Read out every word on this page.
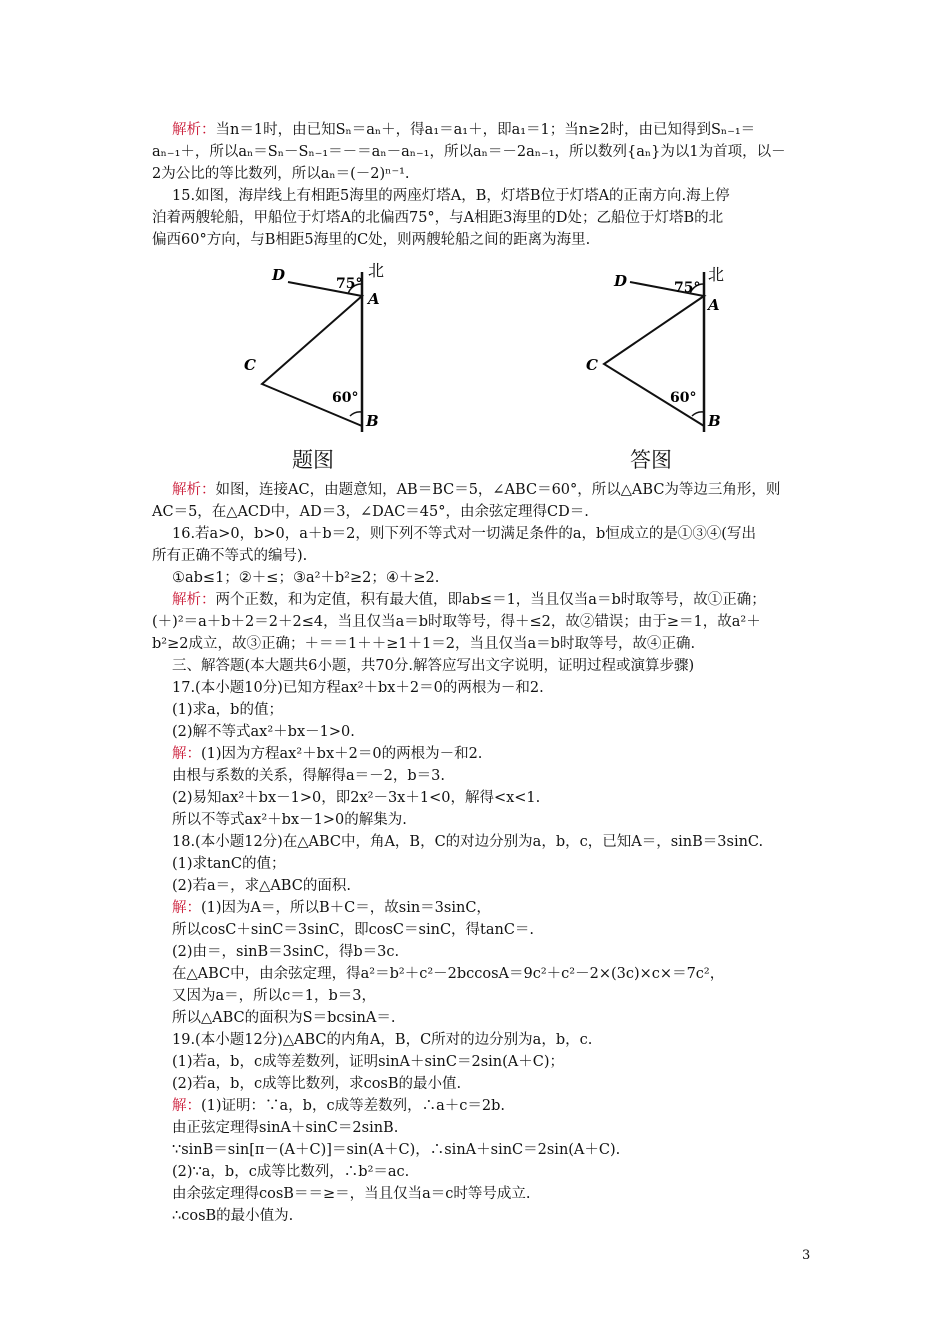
解析：当n＝1时，由已知Sₙ＝aₙ＋，得a₁＝a₁＋，即a₁＝1；当n≥2时，由已知得到Sₙ₋₁＝
aₙ₋₁＋，所以aₙ＝Sₙ－Sₙ₋₁＝－＝aₙ－aₙ₋₁，所以aₙ＝－2aₙ₋₁，所以数列{aₙ}为以1为首项，以－
2为公比的等比数列，所以aₙ＝(－2)ⁿ⁻¹.
15.如图，海岸线上有相距5海里的两座灯塔A，B，灯塔B位于灯塔A的正南方向.海上停
泊着两艘轮船，甲船位于灯塔A的北偏西75°，与A相距3海里的D处；乙船位于灯塔B的北
偏西60°方向，与B相距5海里的C处，则两艘轮船之间的距离为海里.
D	75°
北
A
C
60°
B
题图
D	75°
北
A
C
60°
B
答图
解析：如图，连接AC，由题意知，AB＝BC＝5，∠ABC＝60°，所以△ABC为等边三角形，则
AC＝5，在△ACD中，AD＝3，∠DAC＝45°，由余弦定理得CD＝.
16.若a>0，b>0，a＋b＝2，则下列不等式对一切满足条件的a，b恒成立的是①③④(写出
所有正确不等式的编号).
①ab≤1；②＋≤；③a²＋b²≥2；④＋≥2.
解析：两个正数，和为定值，积有最大值，即ab≤＝1，当且仅当a＝b时取等号，故①正确；
(＋)²＝a＋b＋2＝2＋2≤4，当且仅当a＝b时取等号，得＋≤2，故②错误；由于≥＝1，故a²＋
b²≥2成立，故③正确；＋＝＝1＋＋≥1＋1＝2，当且仅当a＝b时取等号，故④正确.
三、解答题(本大题共6小题，共70分.解答应写出文字说明，证明过程或演算步骤)
17.(本小题10分)已知方程ax²＋bx＋2＝0的两根为－和2.
(1)求a，b的值；
(2)解不等式ax²＋bx－1>0.
解：(1)因为方程ax²＋bx＋2＝0的两根为－和2.
由根与系数的关系，得解得a＝－2，b＝3.
(2)易知ax²＋bx－1>0，即2x²－3x＋1<0，解得<x<1.
所以不等式ax²＋bx－1>0的解集为.
18.(本小题12分)在△ABC中，角A，B，C的对边分别为a，b，c，已知A＝，sinB＝3sinC.
(1)求tanC的值；
(2)若a＝，求△ABC的面积.
解：(1)因为A＝，所以B＋C＝，故sin＝3sinC，
所以cosC＋sinC＝3sinC，即cosC＝sinC，得tanC＝.
(2)由＝，sinB＝3sinC，得b＝3c.
在△ABC中，由余弦定理，得a²＝b²＋c²－2bccosA＝9c²＋c²－2×(3c)×c×＝7c²，
又因为a＝，所以c＝1，b＝3，
所以△ABC的面积为S＝bcsinA＝.
19.(本小题12分)△ABC的内角A，B，C所对的边分别为a，b，c.
(1)若a，b，c成等差数列，证明sinA＋sinC＝2sin(A＋C)；
(2)若a，b，c成等比数列，求cosB的最小值.
解：(1)证明：∵a，b，c成等差数列，∴a＋c＝2b.
由正弦定理得sinA＋sinC＝2sinB.
∵sinB＝sin[π－(A＋C)]＝sin(A＋C)，∴sinA＋sinC＝2sin(A＋C).
(2)∵a，b，c成等比数列，∴b²＝ac.
由余弦定理得cosB＝＝≥＝，当且仅当a＝c时等号成立.
∴cosB的最小值为.
3
